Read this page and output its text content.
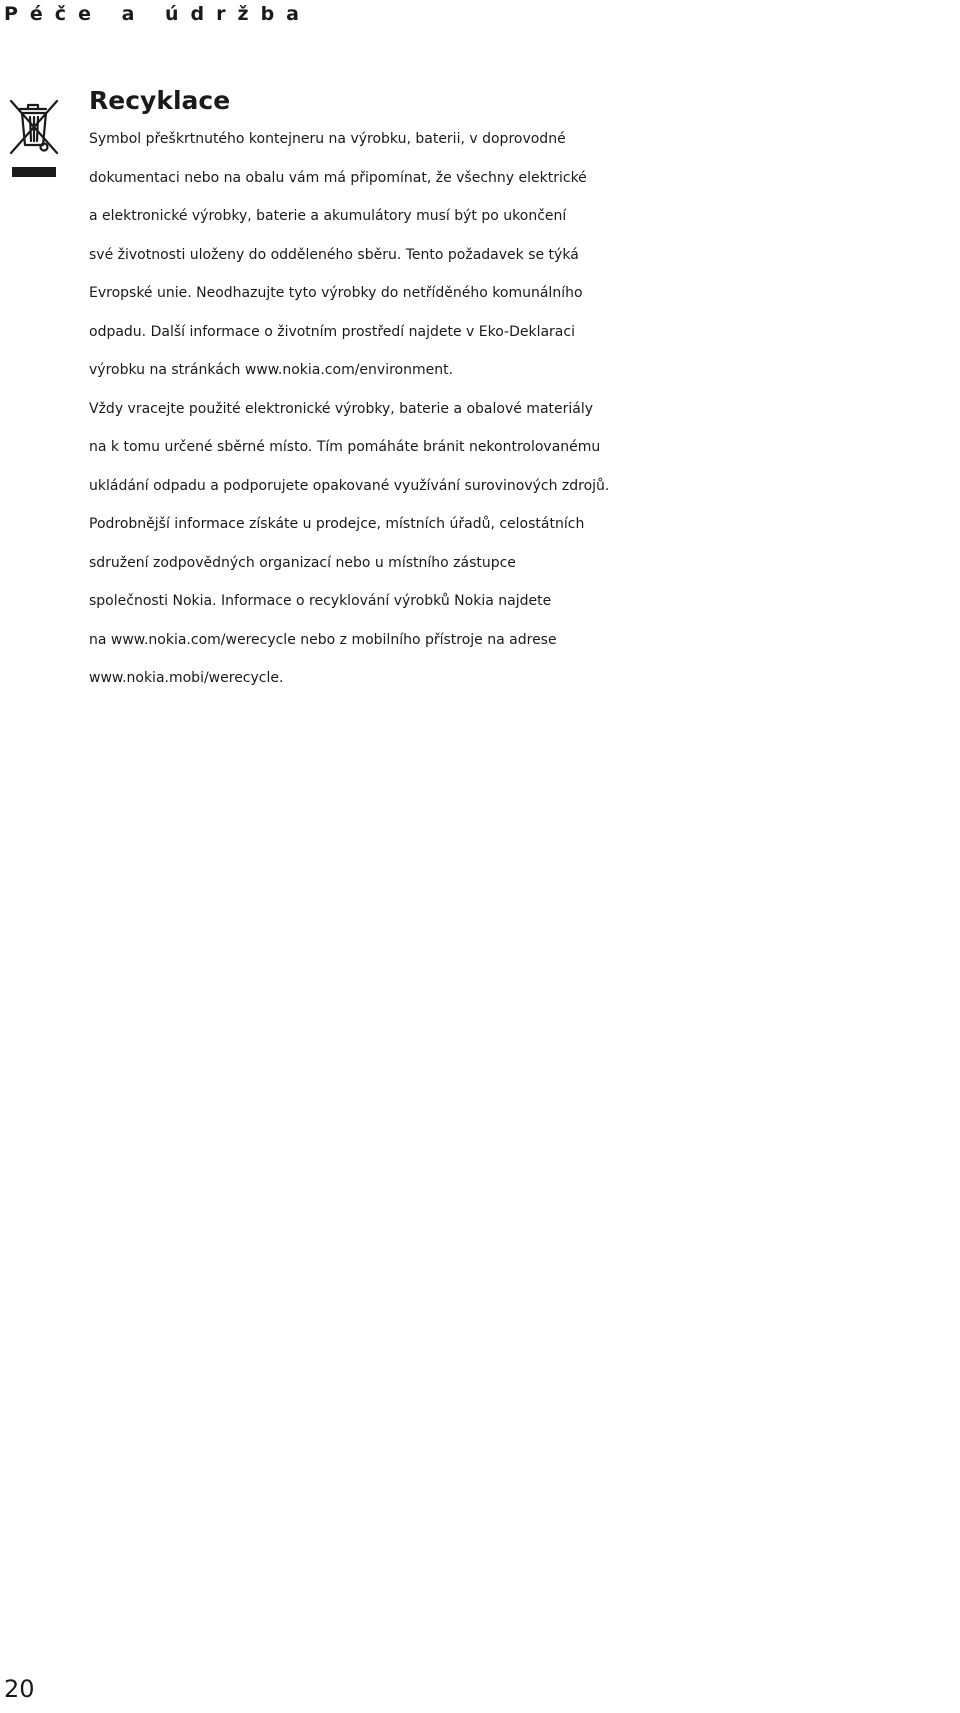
Péče a údržba
Recyklace

Symbol přeškrtnutého kontejneru na výrobku, baterii, v doprovodné
dokumentaci nebo na obalu vám má připomínat, že všechny elektrické
a elektronické výrobky, baterie a akumulátory musí být po ukončení
své životnosti uloženy do odděleného sběru. Tento požadavek se týká
Evropské unie. Neodhazujte tyto výrobky do netříděného komunálního
odpadu. Další informace o životním prostředí najdete v Eko-Deklaraci
výrobku na stránkách www.nokia.com/environment.

Vždy vracejte použité elektronické výrobky, baterie a obalové materiály
na k tomu určené sběrné místo. Tím pomáháte bránit nekontrolovanému
ukládání odpadu a podporujete opakované využívání surovinových zdrojů.
Podrobnější informace získáte u prodejce, místních úřadů, celostátních
sdružení zodpovědných organizací nebo u místního zástupce
společnosti Nokia. Informace o recyklování výrobků Nokia najdete
na www.nokia.com/werecycle nebo z mobilního přístroje na adrese
www.nokia.mobi/werecycle.

20
